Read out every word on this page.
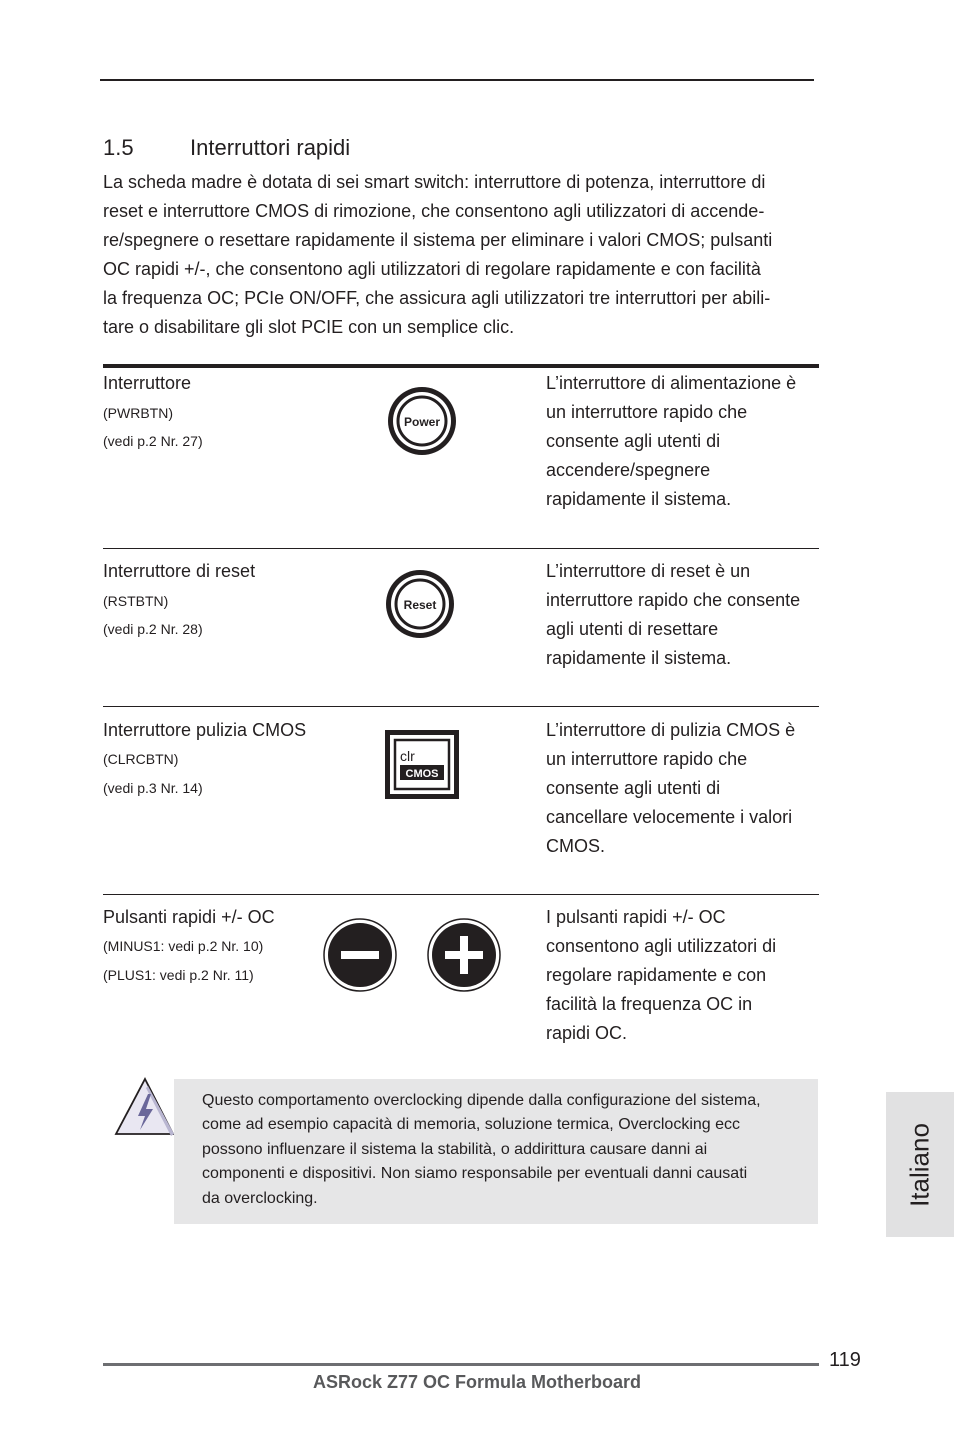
1.5	Interruttori rapidi
La scheda madre è dotata di sei smart switch: interruttore di potenza, interruttore di
reset e interruttore CMOS di rimozione, che consentono agli utilizzatori di accende-
re/spegnere o resettare rapidamente il sistema per eliminare i valori CMOS; pulsanti
OC rapidi +/-, che consentono agli utilizzatori di regolare rapidamente e con facilità
la frequenza OC; PCIe ON/OFF, che assicura agli utilizzatori tre interruttori per abili-
tare o disabilitare gli slot PCIE con un semplice clic.
Interruttore
(PWRBTN)
(vedi p.2 Nr. 27)
Power
L’interruttore di alimentazione è
un interruttore rapido che
consente agli utenti di
accendere/spegnere
rapidamente il sistema.
Interruttore di reset
(RSTBTN)
(vedi p.2 Nr. 28)
Reset
L’interruttore di reset è un
interruttore rapido che consente
agli utenti di resettare
rapidamente il sistema.
Interruttore pulizia CMOS
(CLRCBTN)
(vedi p.3 Nr. 14)
clr
CMOS
L’interruttore di pulizia CMOS è
un interruttore rapido che
consente agli utenti di
cancellare velocemente i valori
CMOS.
Pulsanti rapidi +/- OC
(MINUS1: vedi p.2 Nr. 10)
(PLUS1: vedi p.2 Nr. 11)
I pulsanti rapidi +/- OC
consentono agli utilizzatori di
regolare rapidamente e con
facilità la frequenza OC in
rapidi OC.
Questo comportamento overclocking dipende dalla configurazione del sistema,
come ad esempio capacità di memoria, soluzione termica, Overclocking ecc
possono influenzare il sistema la stabilità, o addirittura causare danni ai
componenti e dispositivi. Non siamo responsabile per eventuali danni causati
da overclocking.	Italiano
119
ASRock Z77 OC Formula Motherboard
